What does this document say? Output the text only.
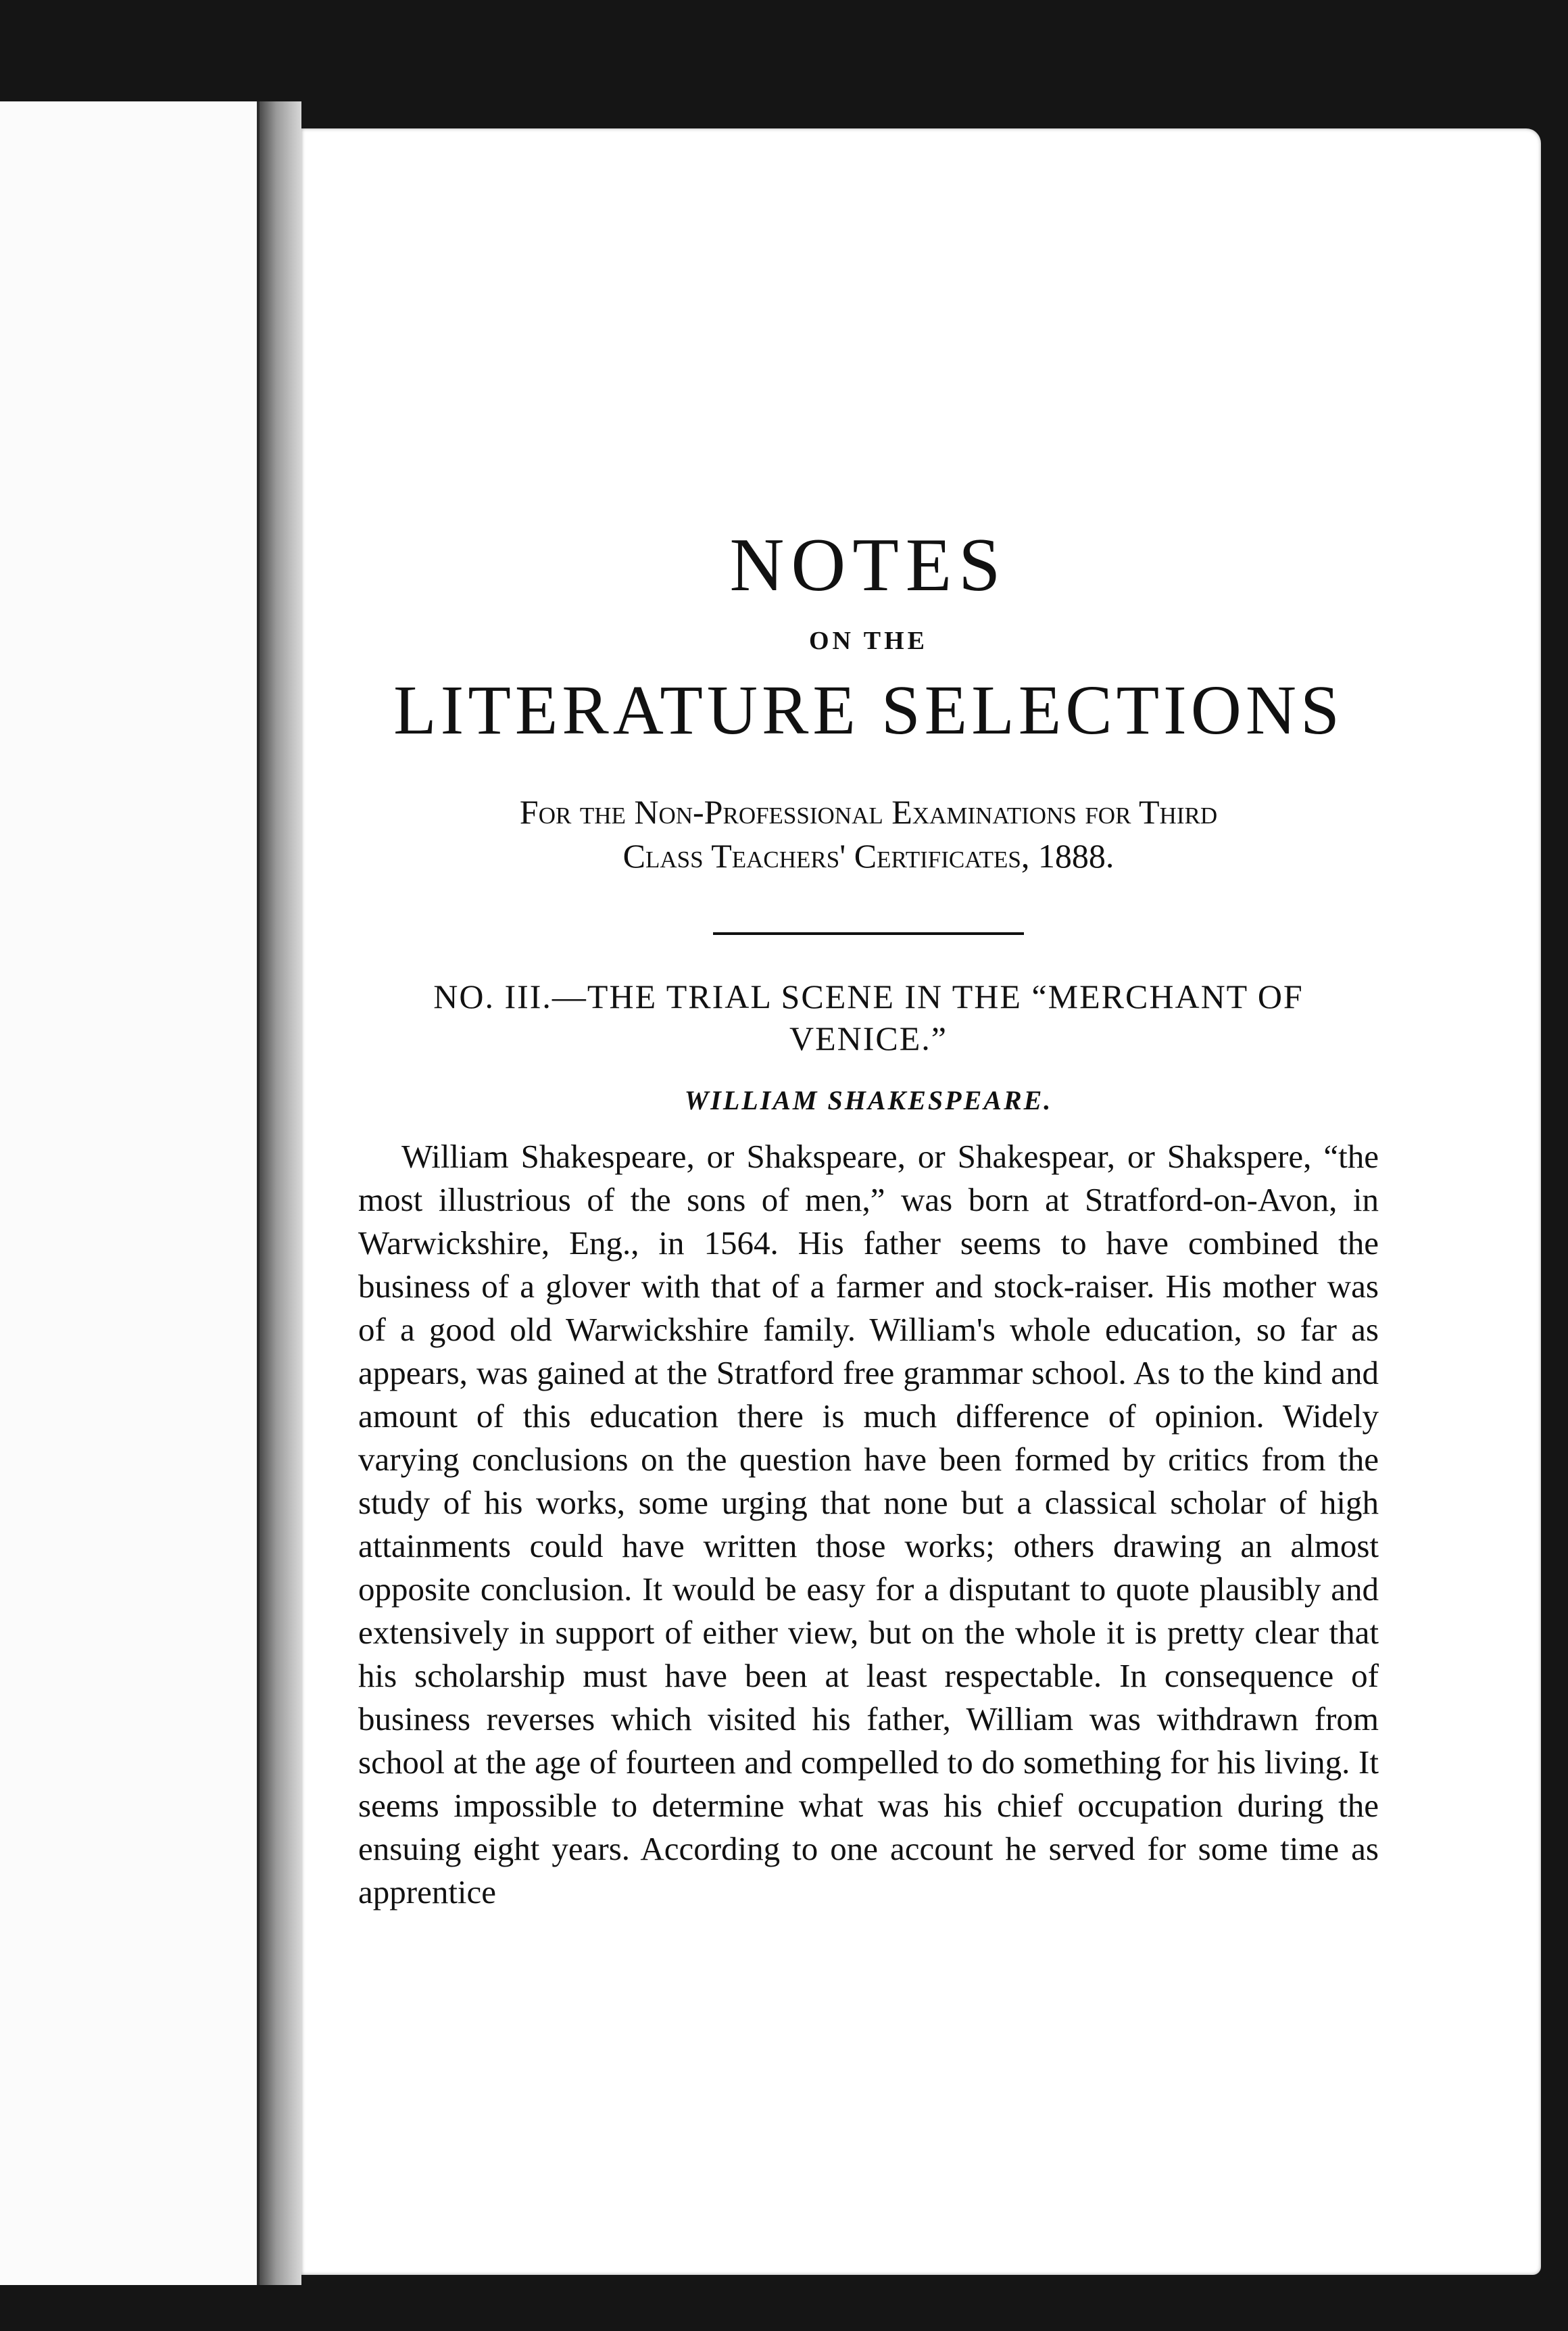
NOTES
ON THE
LITERATURE SELECTIONS
For the Non-Professional Examinations for Third
Class Teachers' Certificates, 1888.
NO. III.—THE TRIAL SCENE IN THE “MERCHANT OF
VENICE.”
WILLIAM SHAKESPEARE.

William Shakespeare, or Shakspeare, or Shakespear, or Shakspere, “the most illustrious of the sons of men,” was born at Stratford-on-Avon, in Warwickshire, Eng., in 1564. His father seems to have combined the business of a glover with that of a farmer and stock-raiser. His mother was of a good old Warwickshire family. William's whole education, so far as appears, was gained at the Stratford free grammar school. As to the kind and amount of this education there is much difference of opinion. Widely varying conclusions on the question have been formed by critics from the study of his works, some urging that none but a classical scholar of high attainments could have written those works; others drawing an almost opposite conclusion. It would be easy for a disputant to quote plausibly and extensively in support of either view, but on the whole it is pretty clear that his scholarship must have been at least respectable. In consequence of business reverses which visited his father, William was withdrawn from school at the age of fourteen and compelled to do something for his living. It seems impossible to determine what was his chief occupation during the ensuing eight years. According to one account he served for some time as apprentice
